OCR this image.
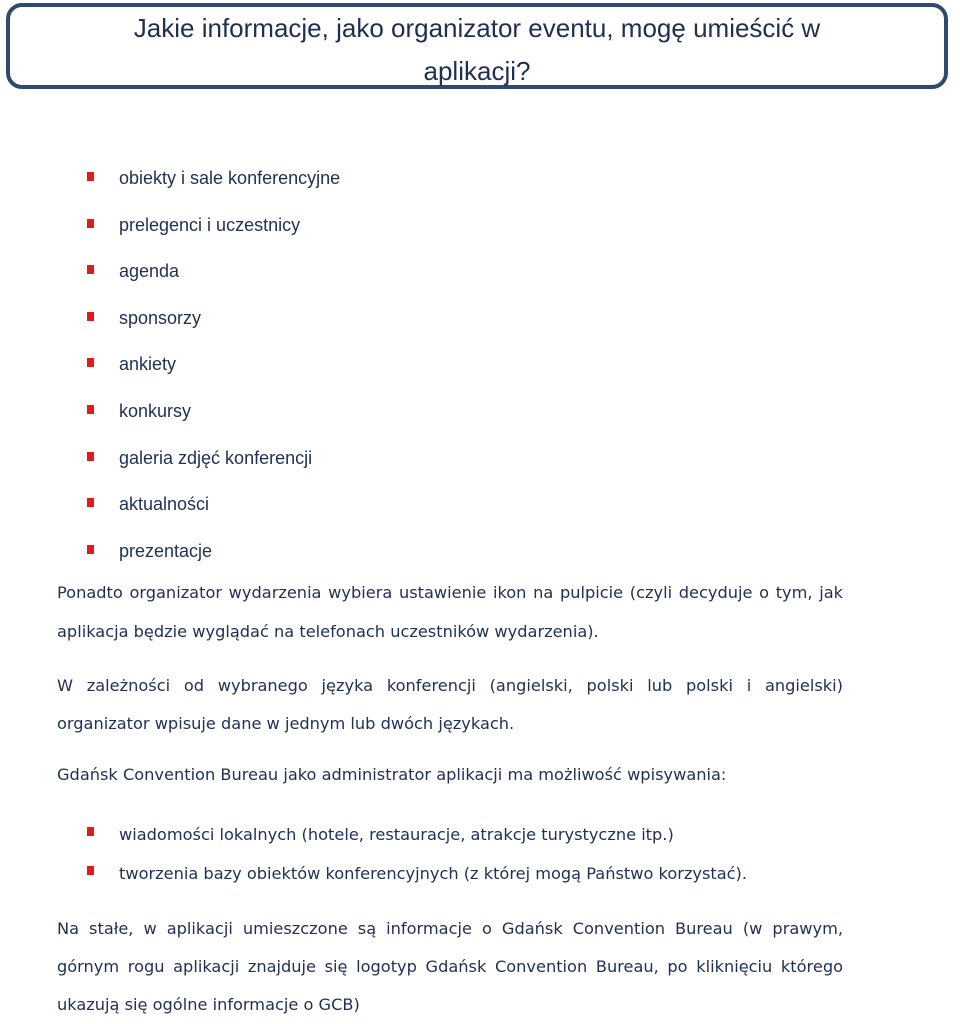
Jakie informacje, jako organizator eventu, mogę umieścić w aplikacji?
obiekty i sale konferencyjne
prelegenci i uczestnicy
agenda
sponsorzy
ankiety
konkursy
galeria zdjęć konferencji
aktualności
prezentacje

Ponadto organizator wydarzenia wybiera ustawienie ikon na pulpicie (czyli decyduje o tym, jak aplikacja będzie wyglądać na telefonach uczestników wydarzenia).

W zależności od wybranego języka konferencji (angielski, polski lub polski i angielski) organizator wpisuje dane w jednym lub dwóch językach.

Gdańsk Convention Bureau jako administrator aplikacji ma możliwość wpisywania:

wiadomości lokalnych (hotele, restauracje, atrakcje turystyczne itp.)
tworzenia bazy obiektów konferencyjnych (z której mogą Państwo korzystać).

Na stałe, w aplikacji umieszczone są informacje o Gdańsk Convention Bureau (w prawym, górnym rogu aplikacji znajduje się logotyp Gdańsk Convention Bureau, po kliknięciu którego ukazują się ogólne informacje o GCB)
